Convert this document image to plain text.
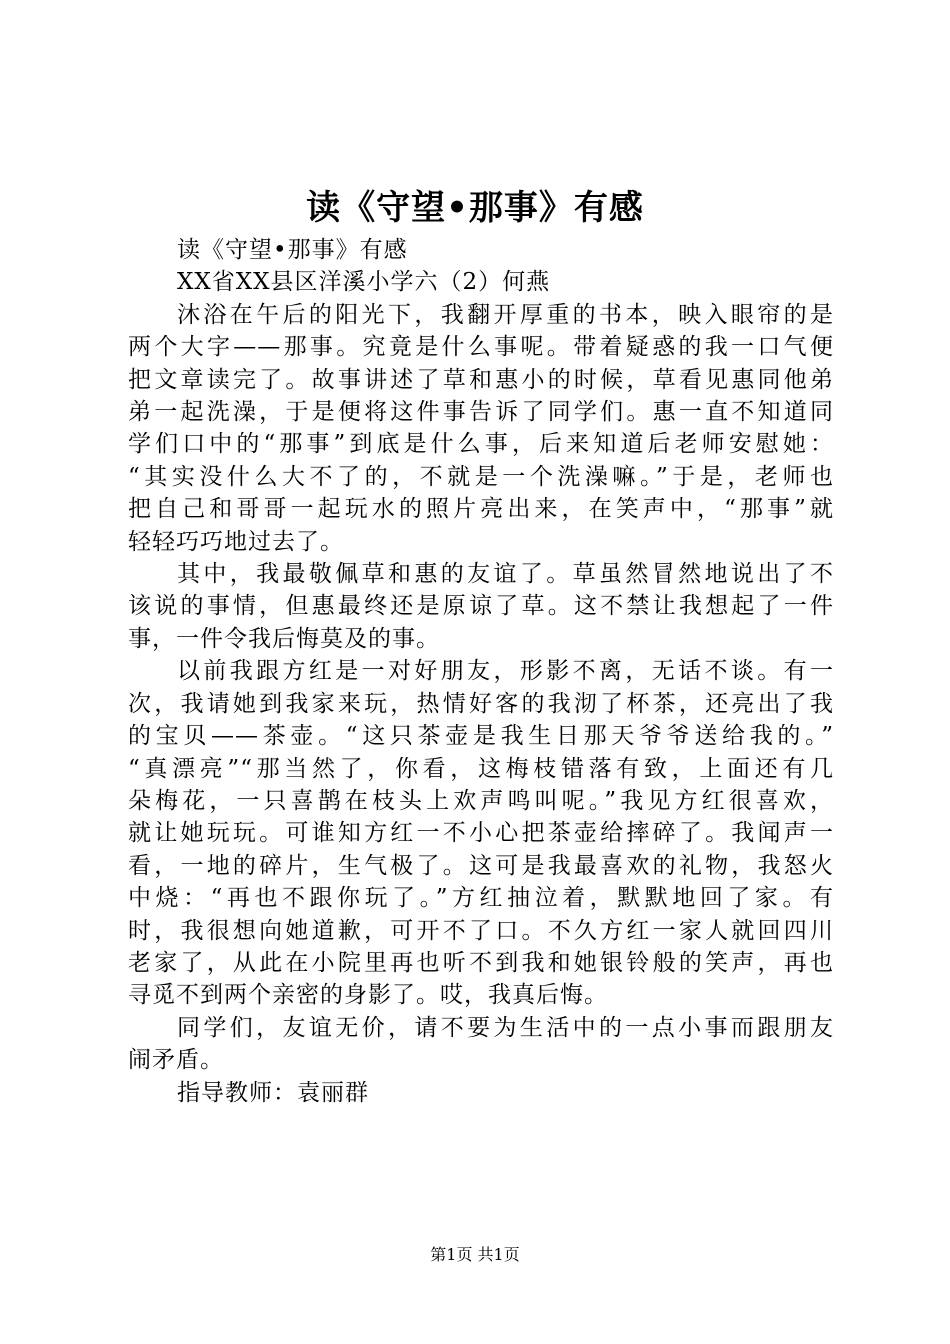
读《守望•那事》有感

读《守望•那事》有感

XX省XX县区洋溪小学六（2）何燕

沐浴在午后的阳光下，我翻开厚重的书本，映入眼帘的是

两个大字——那事。究竟是什么事呢。带着疑惑的我一口气便

把文章读完了。故事讲述了草和惠小的时候，草看见惠同他弟

弟一起洗澡，于是便将这件事告诉了同学们。惠一直不知道同

学们口中的“那事”到底是什么事，后来知道后老师安慰她：

“其实没什么大不了的，不就是一个洗澡嘛。”于是，老师也

把自己和哥哥一起玩水的照片亮出来，在笑声中，“那事”就

轻轻巧巧地过去了。

其中，我最敬佩草和惠的友谊了。草虽然冒然地说出了不

该说的事情，但惠最终还是原谅了草。这不禁让我想起了一件

事，一件令我后悔莫及的事。

以前我跟方红是一对好朋友，形影不离，无话不谈。有一

次，我请她到我家来玩，热情好客的我沏了杯茶，还亮出了我

的宝贝——茶壶。“这只茶壶是我生日那天爷爷送给我的。”

“真漂亮”“那当然了，你看，这梅枝错落有致，上面还有几

朵梅花，一只喜鹊在枝头上欢声鸣叫呢。”我见方红很喜欢，

就让她玩玩。可谁知方红一不小心把茶壶给摔碎了。我闻声一

看，一地的碎片，生气极了。这可是我最喜欢的礼物，我怒火

中烧：“再也不跟你玩了。”方红抽泣着，默默地回了家。有

时，我很想向她道歉，可开不了口。不久方红一家人就回四川

老家了，从此在小院里再也听不到我和她银铃般的笑声，再也

寻觅不到两个亲密的身影了。哎，我真后悔。

同学们，友谊无价，请不要为生活中的一点小事而跟朋友

闹矛盾。

指导教师：袁丽群

第1页 共1页
